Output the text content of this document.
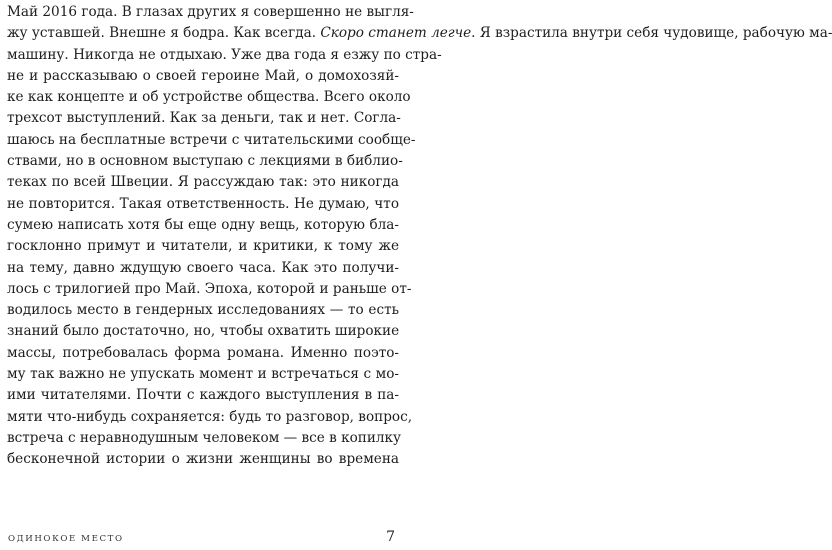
Май 2016 года. В глазах других я совершенно не выгля-
жу уставшей. Внешне я бодра. Как всегда. Скоро станет легче. Я взрастила внутри себя чудовище, рабочую ма-
машину. Никогда не отдыхаю. Уже два года я езжу по стра-
не и рассказываю о своей героине Май, о домохозяй-
ке как концепте и об устройстве общества. Всего около
трехсот выступлений. Как за деньги, так и нет. Согла-
шаюсь на бесплатные встречи с читательскими сообще-
ствами, но в основном выступаю с лекциями в библио-
теках по всей Швеции. Я рассуждаю так: это никогда
не повторится. Такая ответственность. Не думаю, что
сумею написать хотя бы еще одну вещь, которую бла-
госклонно примут и читатели, и критики, к тому же
на тему, давно ждущую своего часа. Как это получи-
лось с трилогией про Май. Эпоха, которой и раньше от-
водилось место в гендерных исследованиях — то есть
знаний было достаточно, но, чтобы охватить широкие
массы, потребовалась форма романа. Именно поэто-
му так важно не упускать момент и встречаться с мо-
ими читателями. Почти с каждого выступления в па-
мяти что-нибудь сохраняется: будь то разговор, вопрос,
встреча с неравнодушным человеком — все в копилку
бесконечной истории о жизни женщины во времена
ОДИНОКОЕ МЕСТО	7
